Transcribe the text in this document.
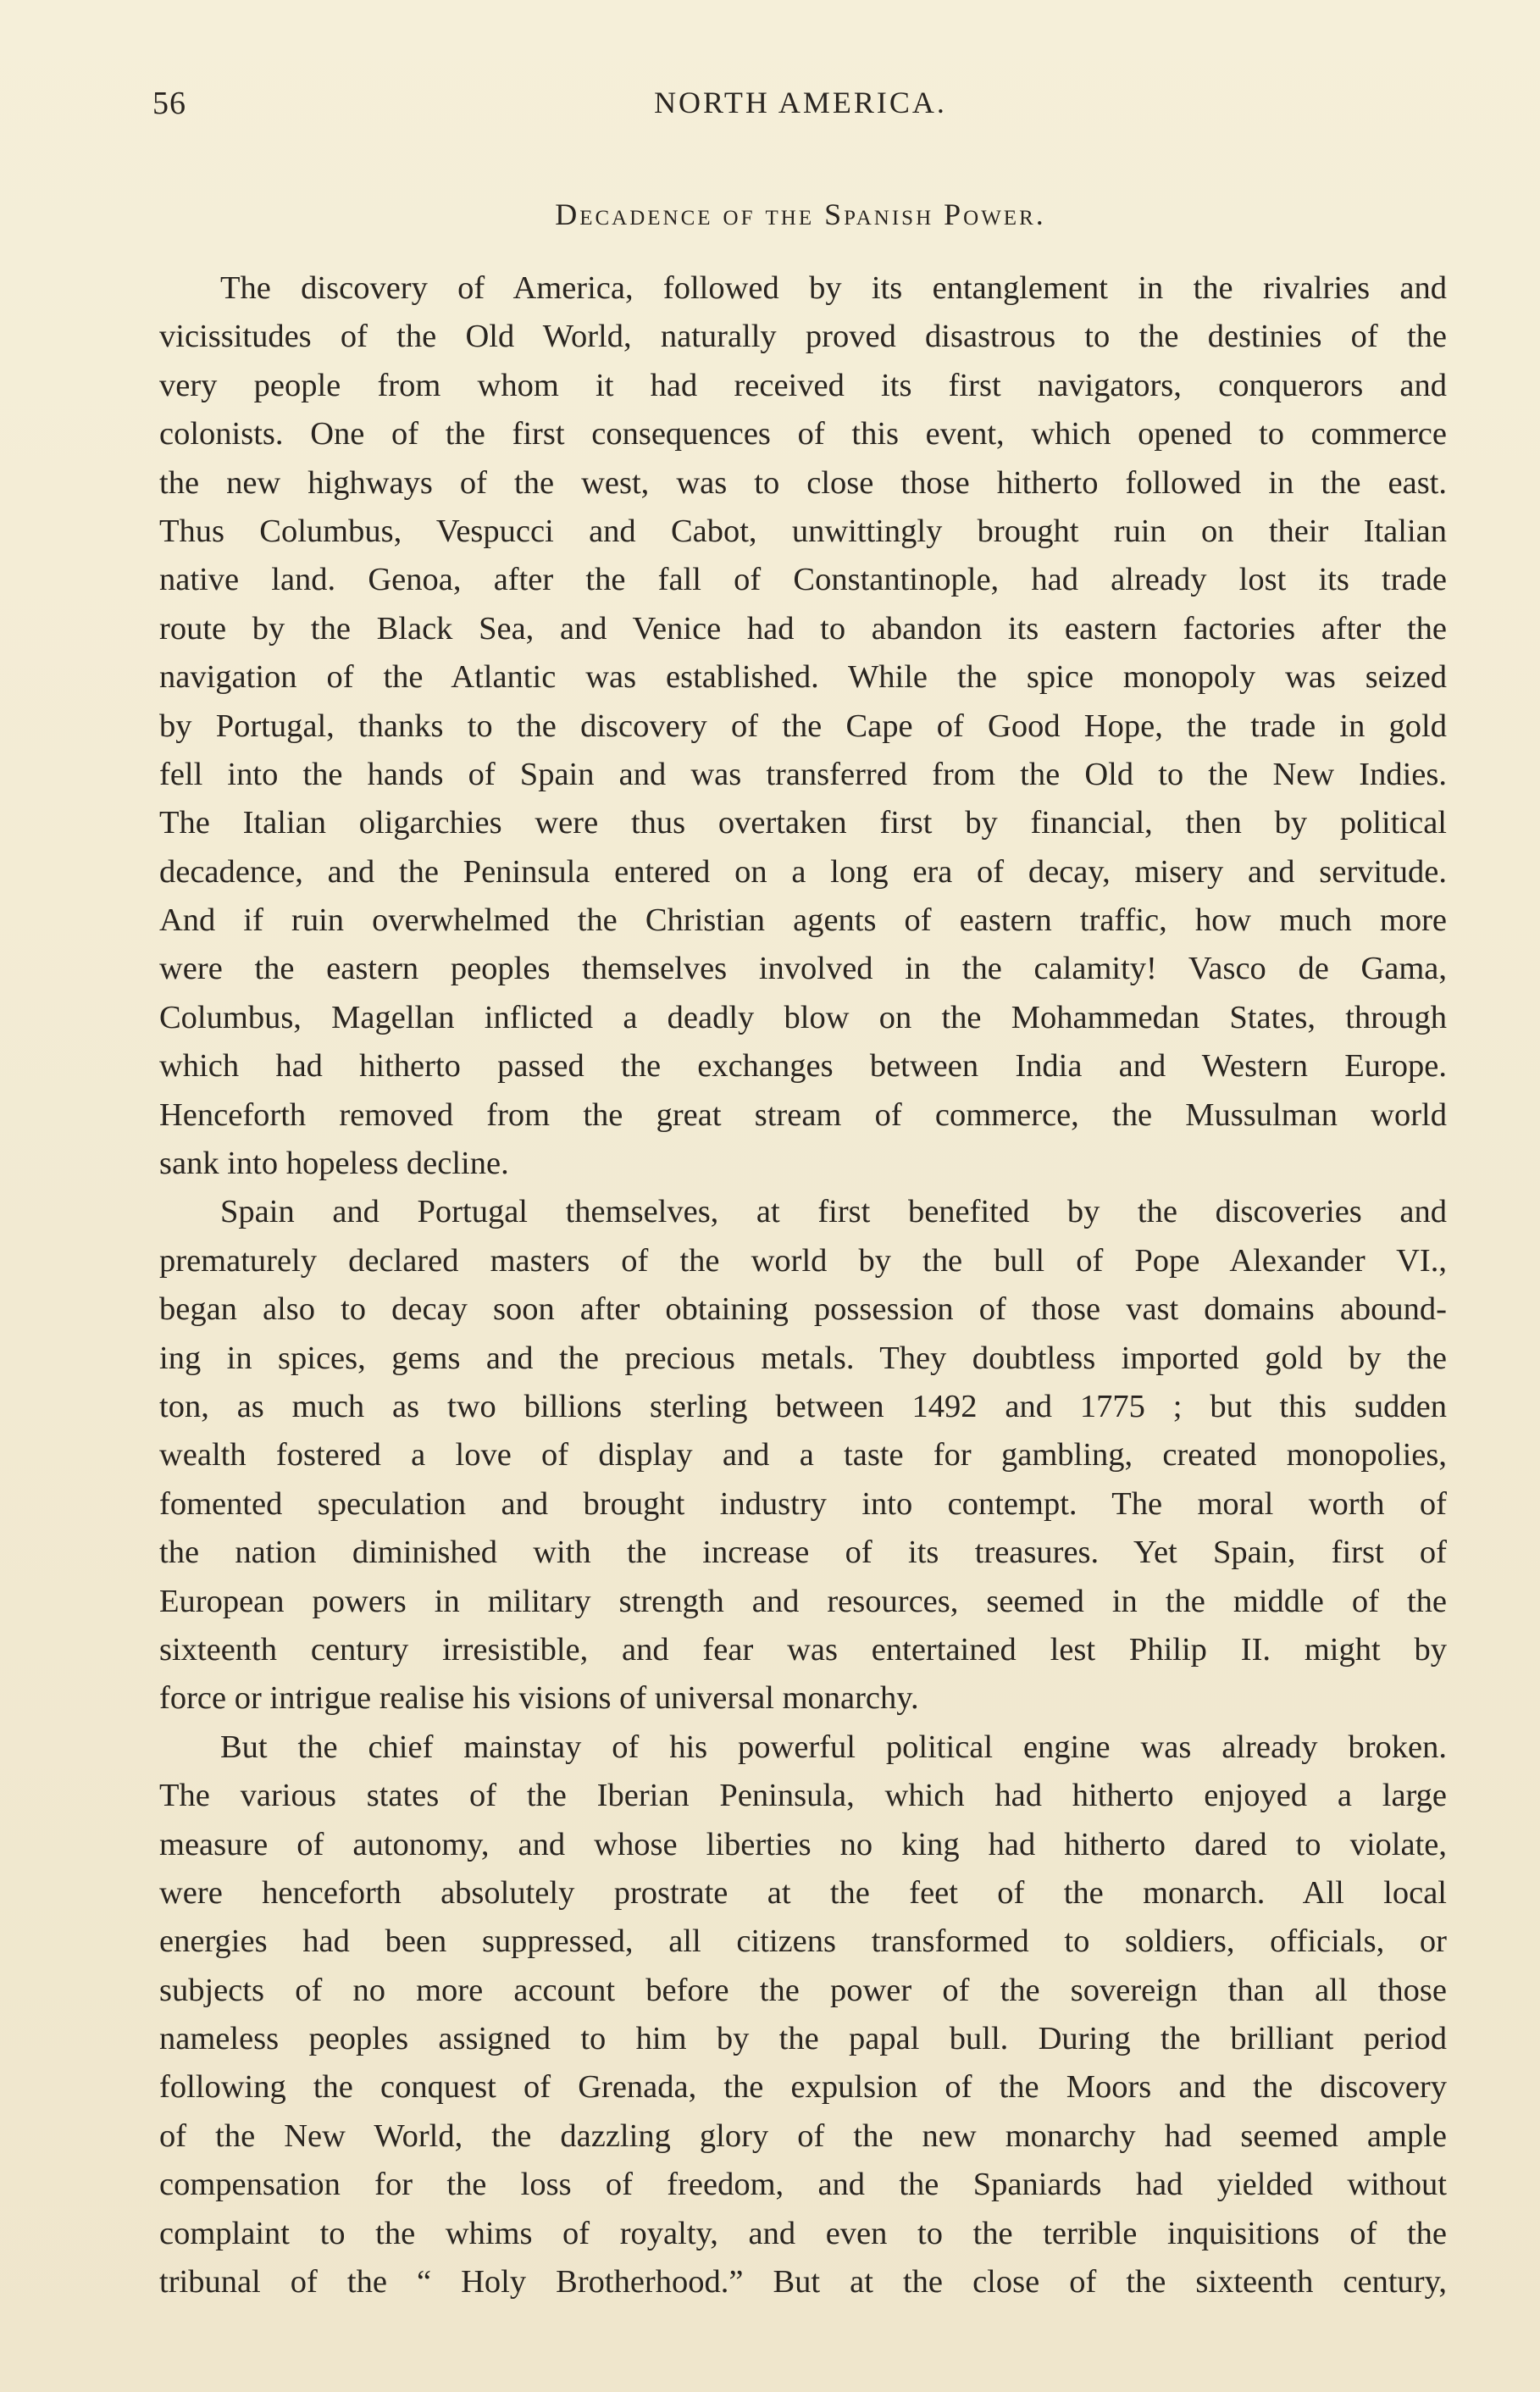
56	NORTH AMERICA.
Decadence of the Spanish Power.
The discovery of America, followed by its entanglement in the rivalries and
vicissitudes of the Old World, naturally proved disastrous to the destinies of the
very people from whom it had received its first navigators, conquerors and
colonists. One of the first consequences of this event, which opened to commerce
the new highways of the west, was to close those hitherto followed in the east.
Thus Columbus, Vespucci and Cabot, unwittingly brought ruin on their Italian
native land. Genoa, after the fall of Constantinople, had already lost its trade
route by the Black Sea, and Venice had to abandon its eastern factories after the
navigation of the Atlantic was established. While the spice monopoly was seized
by Portugal, thanks to the discovery of the Cape of Good Hope, the trade in gold
fell into the hands of Spain and was transferred from the Old to the New Indies.
The Italian oligarchies were thus overtaken first by financial, then by political
decadence, and the Peninsula entered on a long era of decay, misery and servitude.
And if ruin overwhelmed the Christian agents of eastern traffic, how much more
were the eastern peoples themselves involved in the calamity! Vasco de Gama,
Columbus, Magellan inflicted a deadly blow on the Mohammedan States, through
which had hitherto passed the exchanges between India and Western Europe.
Henceforth removed from the great stream of commerce, the Mussulman world
sank into hopeless decline.
Spain and Portugal themselves, at first benefited by the discoveries and
prematurely declared masters of the world by the bull of Pope Alexander VI.,
began also to decay soon after obtaining possession of those vast domains abound-
ing in spices, gems and the precious metals. They doubtless imported gold by the
ton, as much as two billions sterling between 1492 and 1775 ; but this sudden
wealth fostered a love of display and a taste for gambling, created monopolies,
fomented speculation and brought industry into contempt. The moral worth of
the nation diminished with the increase of its treasures. Yet Spain, first of
European powers in military strength and resources, seemed in the middle of the
sixteenth century irresistible, and fear was entertained lest Philip II. might by
force or intrigue realise his visions of universal monarchy.
But the chief mainstay of his powerful political engine was already broken.
The various states of the Iberian Peninsula, which had hitherto enjoyed a large
measure of autonomy, and whose liberties no king had hitherto dared to violate,
were henceforth absolutely prostrate at the feet of the monarch. All local
energies had been suppressed, all citizens transformed to soldiers, officials, or
subjects of no more account before the power of the sovereign than all those
nameless peoples assigned to him by the papal bull. During the brilliant period
following the conquest of Grenada, the expulsion of the Moors and the discovery
of the New World, the dazzling glory of the new monarchy had seemed ample
compensation for the loss of freedom, and the Spaniards had yielded without
complaint to the whims of royalty, and even to the terrible inquisitions of the
tribunal of the “ Holy Brotherhood.” But at the close of the sixteenth century,
